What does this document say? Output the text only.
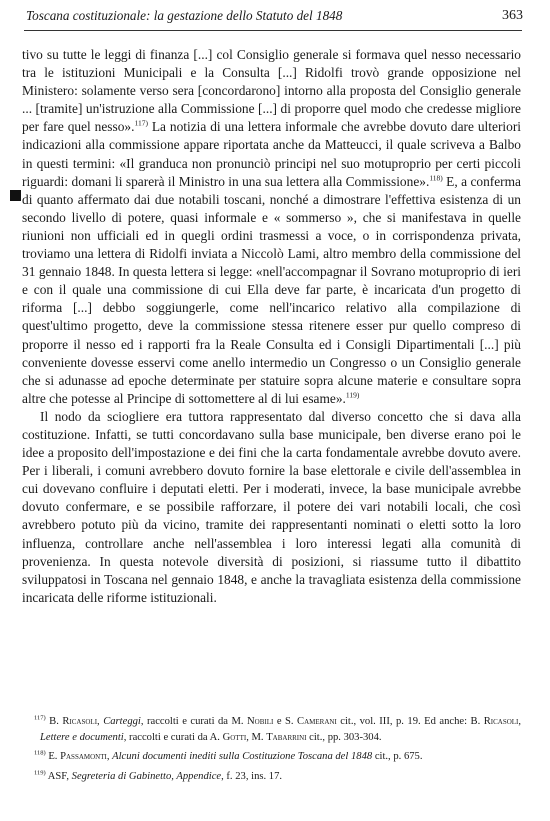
Toscana costituzionale: la gestazione dello Statuto del 1848	363

tivo su tutte le leggi di finanza [...] col Consiglio generale si formava quel nesso necessario tra le istituzioni Municipali e la Consulta [...] Ridolfi trovò grande opposizione nel Ministero: solamente verso sera [concordarono] intorno alla proposta del Consiglio generale ... [tramite] un'istruzione alla Commissione [...] di proporre quel modo che credesse migliore per fare quel nesso».$^{117)}$ La notizia di una lettera informale che avrebbe dovuto dare ulteriori indicazioni alla commissione appare riportata anche da Matteucci, il quale scriveva a Balbo in questi termini: «Il granduca non pronunciò principi nel suo motuproprio per certi piccoli riguardi: domani li sparerà il Ministro in una sua lettera alla Commissione».$^{118)}$ E, a conferma di quanto affermato dai due notabili toscani, nonché a dimostrare l'effettiva esistenza di un secondo livello di potere, quasi informale e « sommerso », che si manifestava in quelle riunioni non ufficiali ed in quegli ordini trasmessi a voce, o in corrispondenza privata, troviamo una lettera di Ridolfi inviata a Niccolò Lami, altro membro della commissione del 31 gennaio 1848. In questa lettera si legge: «nell'accompagnar il Sovrano motuproprio di ieri e con il quale una commissione di cui Ella deve far parte, è incaricata d'un progetto di riforma [...] debbo soggiungerle, come nell'incarico relativo alla compilazione di quest'ultimo progetto, deve la commissione stessa ritenere esser pur quello compreso di proporre il nesso ed i rapporti fra la Reale Consulta ed i Consigli Dipartimentali [...] più conveniente dovesse esservi come anello intermedio un Congresso o un Consiglio generale che si adunasse ad epoche determinate per statuire sopra alcune materie e consultare sopra altre che potesse al Principe di sottomettere al di lui esame».$^{119)}$

Il nodo da sciogliere era tuttora rappresentato dal diverso concetto che si dava alla costituzione. Infatti, se tutti concordavano sulla base municipale, ben diverse erano poi le idee a proposito dell'impostazione e dei fini che la carta fondamentale avrebbe dovuto avere. Per i liberali, i comuni avrebbero dovuto fornire la base elettorale e civile dell'assemblea in cui dovevano confluire i deputati eletti. Per i moderati, invece, la base municipale avrebbe dovuto confermare, e se possibile rafforzare, il potere dei vari notabili locali, che così avrebbero potuto più da vicino, tramite dei rappresentanti nominati o eletti sotto la loro influenza, controllare anche nell'assemblea i loro interessi legati alla comunità di provenienza. In questa notevole diversità di posizioni, si riassume tutto il dibattito sviluppatosi in Toscana nel gennaio 1848, e anche la travagliata esistenza della commissione incaricata delle riforme istituzionali.

$^{117)}$ B. Ricasoli, Carteggi, raccolti e curati da M. Nobili e S. Camerani cit., vol. III, p. 19. Ed anche: B. Ricasoli, Lettere e documenti, raccolti e curati da A. Gotti, M. Tabarrini cit., pp. 303-304.

$^{118)}$ E. Passamonti, Alcuni documenti inediti sulla Costituzione Toscana del 1848 cit., p. 675.

$^{119)}$ ASF, Segreteria di Gabinetto, Appendice, f. 23, ins. 17.
